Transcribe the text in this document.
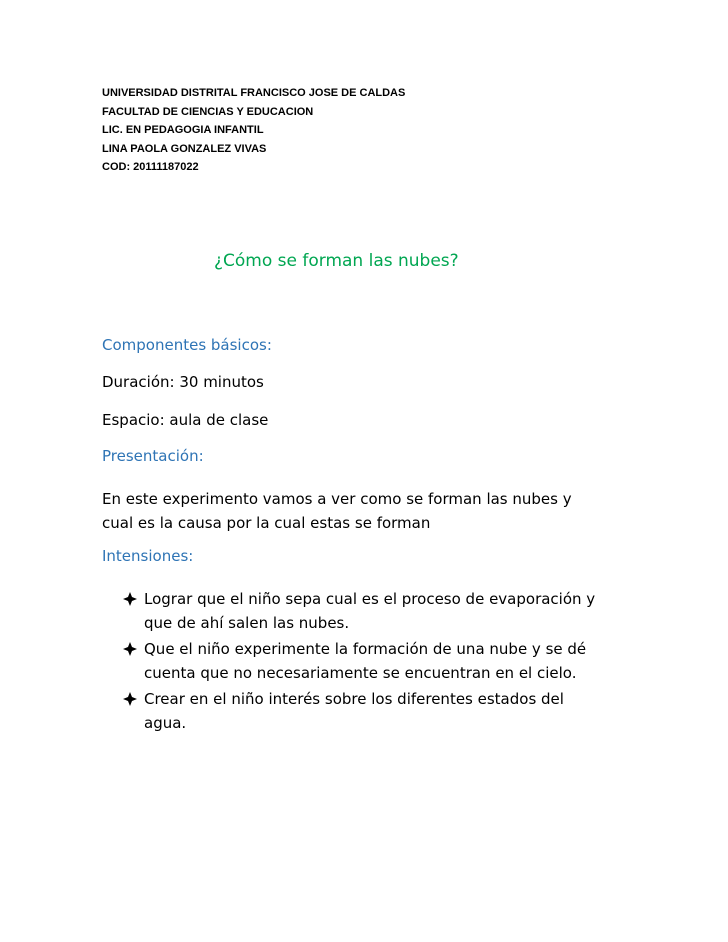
UNIVERSIDAD DISTRITAL FRANCISCO JOSE DE CALDAS
FACULTAD DE CIENCIAS Y EDUCACION
LIC. EN PEDAGOGIA INFANTIL
LINA PAOLA GONZALEZ VIVAS
COD: 20111187022
¿Cómo se forman las nubes?
Componentes básicos:
Duración: 30 minutos
Espacio: aula de clase
Presentación:
En este experimento vamos a ver como se forman las nubes y
cual es la causa por la cual estas se forman
Intensiones:
Lograr que el niño sepa cual es el proceso de evaporación y
que de ahí salen las nubes.
Que el niño experimente la formación de una nube y se dé
cuenta que no necesariamente se encuentran en el cielo.
Crear en el niño interés sobre los diferentes estados del
agua.
